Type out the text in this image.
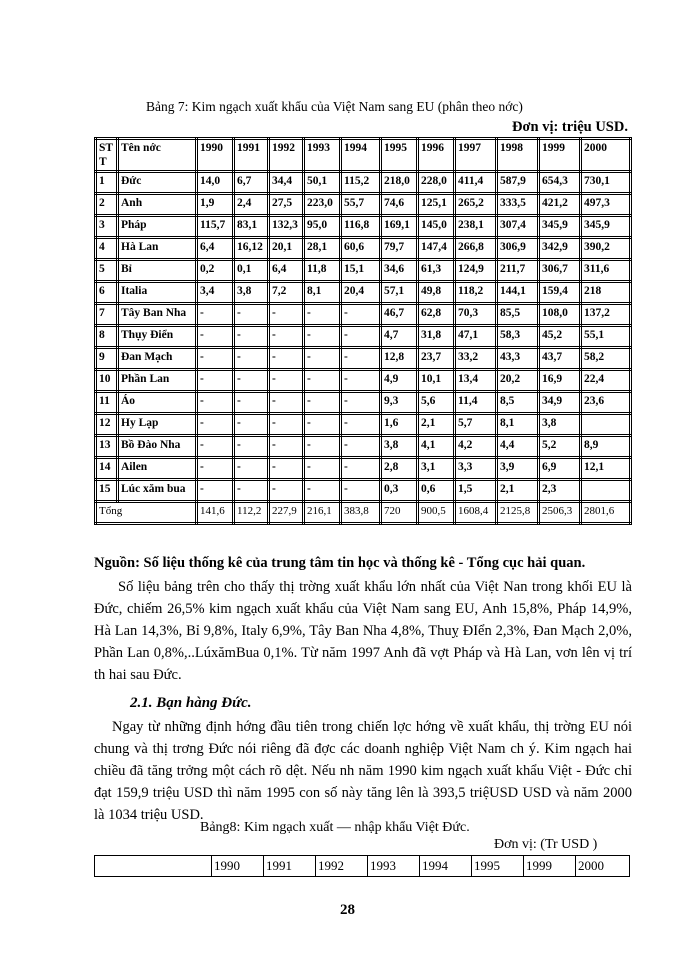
Bảng 7: Kim ngạch xuất khẩu của Việt Nam sang EU (phân theo nớc)
Đơn vị: triệu USD.
ST T	Tên nớc	1990	1991	1992	1993	1994	1995	1996	1997	1998	1999	2000
1	Đức	14,0	6,7	34,4	50,1	115,2	218,0	228,0	411,4	587,9	654,3	730,1
2	Anh	1,9	2,4	27,5	223,0	55,7	74,6	125,1	265,2	333,5	421,2	497,3
3	Pháp	115,7	83,1	132,3	95,0	116,8	169,1	145,0	238,1	307,4	345,9	345,9
4	Hà Lan	6,4	16,12	20,1	28,1	60,6	79,7	147,4	266,8	306,9	342,9	390,2
5	Bỉ	0,2	0,1	6,4	11,8	15,1	34,6	61,3	124,9	211,7	306,7	311,6
6	Italia	3,4	3,8	7,2	8,1	20,4	57,1	49,8	118,2	144,1	159,4	218
7	Tây Ban Nha	-	-	-	-	-	46,7	62,8	70,3	85,5	108,0	137,2
8	Thụy Điển	-	-	-	-	-	4,7	31,8	47,1	58,3	45,2	55,1
9	Đan Mạch	-	-	-	-	-	12,8	23,7	33,2	43,3	43,7	58,2
10	Phần Lan	-	-	-	-	-	4,9	10,1	13,4	20,2	16,9	22,4
11	Áo	-	-	-	-	-	9,3	5,6	11,4	8,5	34,9	23,6
12	Hy Lạp	-	-	-	-	-	1,6	2,1	5,7	8,1	3,8	
13	Bồ Đào Nha	-	-	-	-	-	3,8	4,1	4,2	4,4	5,2	8,9
14	Ailen	-	-	-	-	-	2,8	3,1	3,3	3,9	6,9	12,1
15	Lúc xăm bua	-	-	-	-	-	0,3	0,6	1,5	2,1	2,3	
Tổng		141,6	112,2	227,9	216,1	383,8	720	900,5	1608,4	2125,8	2506,3	2801,6
Nguồn: Số liệu thống kê của trung tâm tin học và thống kê - Tổng cục hải quan.
Số liệu bảng trên cho thấy thị trờng xuất khẩu lớn nhất của Việt Nan trong khối EU là Đức, chiếm 26,5% kim ngạch xuất khẩu của Việt Nam sang EU, Anh 15,8%, Pháp 14,9%, Hà Lan 14,3%, Bỉ 9,8%, Italy 6,9%, Tây Ban Nha 4,8%, Thuỵ ĐIển 2,3%, Đan Mạch 2,0%, Phần Lan 0,8%,..LúxămBua 0,1%. Từ năm 1997 Anh đã vợt Pháp và Hà Lan, vơn lên vị trí th hai sau Đức.
2.1. Bạn hàng Đức.
Ngay từ những định hớng đầu tiên trong chiến lợc hớng về xuất khẩu, thị trờng EU nói chung và thị trơng Đức nói riêng đã đợc các doanh nghiệp Việt Nam ch ý. Kim ngạch hai chiều đã tăng trởng một cách rõ dệt. Nếu nh năm 1990 kim ngạch xuất khẩu Việt - Đức chỉ đạt 159,9 triệu USD thì năm 1995 con số này tăng lên là 393,5 triệUSD USD và năm 2000 là 1034 triệu USD.
Bảng8: Kim ngạch xuất — nhập khẩu Việt Đức.
Đơn vị: (Tr USD )
	1990	1991	1992	1993	1994	1995	1999	2000
28
